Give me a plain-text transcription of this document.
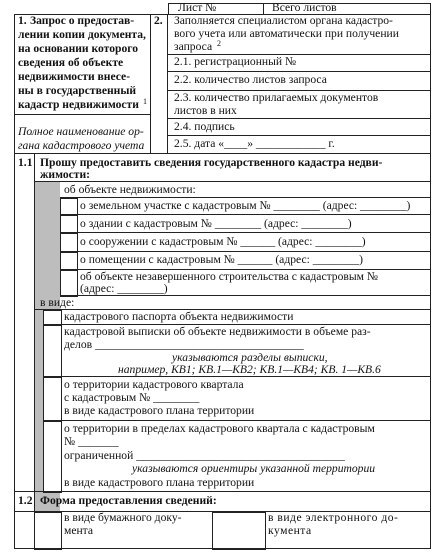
Лист №	Всего листов
1. Запрос о предостав-
лении копии документа,
на основании которого
сведения об объекте
недвижимости внесе-
ны в государственный
кадастр недвижимости 1
Полное наименование ор-
гана кадастрового учета
2. Заполняется специалистом органа кадастро-
вого учета или автоматически при получении
запроса 2
2.1. регистрационный №
2.2. количество листов запроса
2.3. количество прилагаемых документов
листов в них
2.4. подпись
2.5. дата «____» ____________ г.
1.1 Прошу предоставить сведения государственного кадастра недви-
жимости:
об объекте недвижимости:
о земельном участке с кадастровым № ________ (адрес: ________)
о здании с кадастровым № ________ (адрес: ________)
о сооружении с кадастровым № ______ (адрес: ________)
о помещении с кадастровым № ______ (адрес: ________)
об объекте незавершенного строительства с кадастровым №
(адрес: ________)
в виде:
кадастрового паспорта объекта недвижимости
кадастровой выписки об объекте недвижимости в объеме раз-
делов ____________________________________
указываются разделы выписки,
например, КВ1; КВ.1—КВ2; КВ.1—КВ4; КВ. 1—КВ.6
о территории кадастрового квартала
с кадастровым № ________
в виде кадастрового плана территории
о территории в пределах кадастрового квартала с кадастровым
№ _______
ограниченной ____________________________________
указываются ориентиры указанной территории
в виде кадастрового плана территории
1.2 Форма предоставления сведений:
в виде бумажного доку-
мента
в виде электронного до-
кумента
